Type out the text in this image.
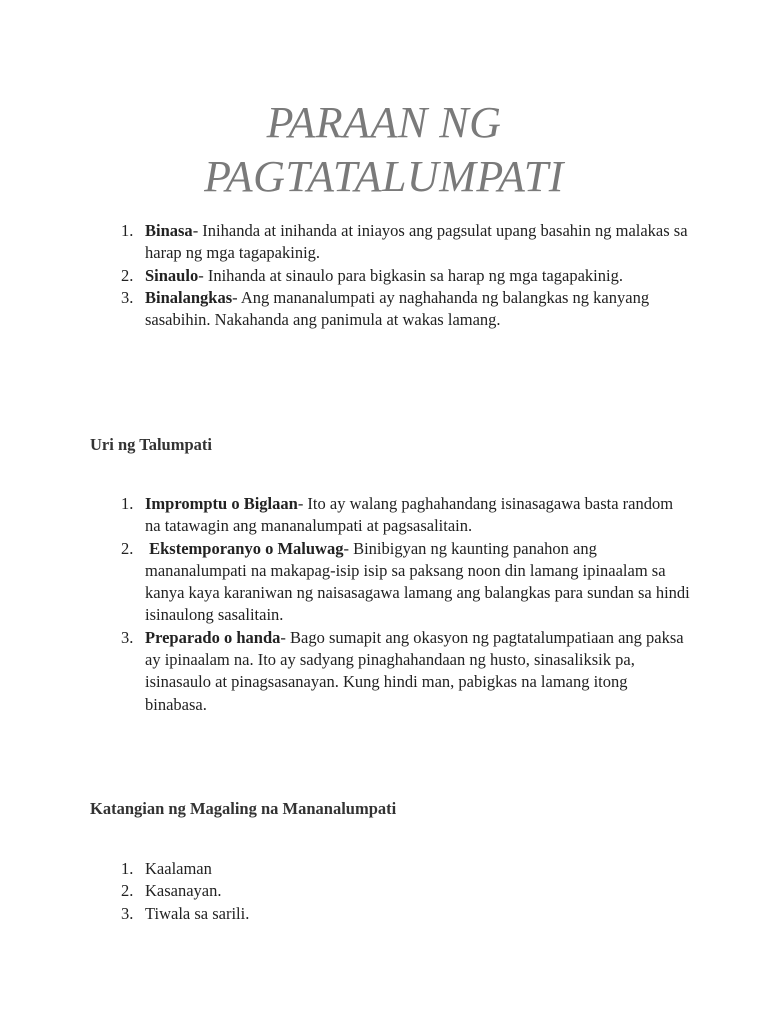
PARAAN NG
PAGTATALUMPATI
1. Binasa- Inihanda at inihanda at iniayos ang pagsulat upang basahin ng malakas sa harap ng mga tagapakinig.
2. Sinaulo- Inihanda at sinaulo para bigkasin sa harap ng mga tagapakinig.
3. Binalangkas- Ang mananalumpati ay naghahanda ng balangkas ng kanyang sasabihin. Nakahanda ang panimula at wakas lamang.
Uri ng Talumpati
1. Impromptu o Biglaan- Ito ay walang paghahandang isinasagawa basta random na tatawagin ang mananalumpati at pagsasalitain.
2. Ekstemporanyo o Maluwag- Binibigyan ng kaunting panahon ang mananalumpati na makapag-isip isip sa paksang noon din lamang ipinaalam sa kanya kaya karaniwan ng naisasagawa lamang ang balangkas para sundan sa hindi isinaulong sasalitain.
3. Preparado o handa- Bago sumapit ang okasyon ng pagtatalumpatiaan ang paksa ay ipinaalam na. Ito ay sadyang pinaghahandaan ng husto, sinasaliksik pa, isinasaulo at pinagsasanayan. Kung hindi man, pabigkas na lamang itong binabasa.
Katangian ng Magaling na Mananalumpati
1. Kaalaman
2. Kasanayan.
3. Tiwala sa sarili.
